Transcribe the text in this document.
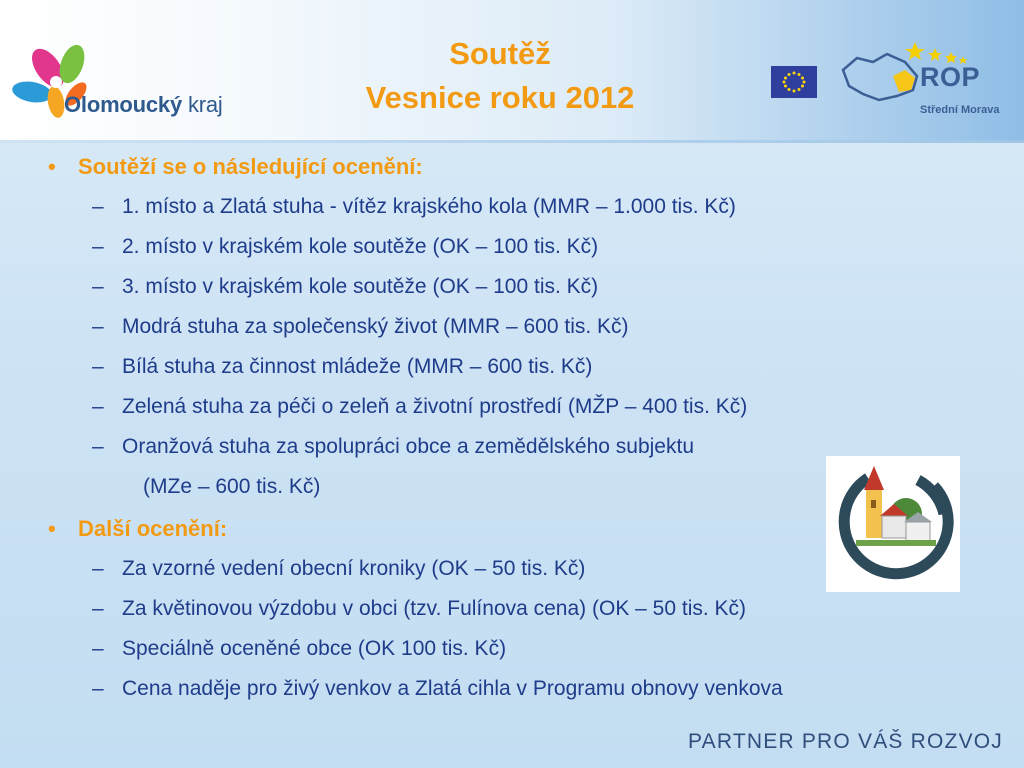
Olomoucký kraj
Soutěž
Vesnice roku 2012
ROP
Střední Morava
• Soutěží se o následující ocenění:
– 1. místo a Zlatá stuha - vítěz krajského kola (MMR – 1.000 tis. Kč)
– 2. místo v krajském kole soutěže (OK – 100 tis. Kč)
– 3. místo v krajském kole soutěže (OK – 100 tis. Kč)
– Modrá stuha za společenský život (MMR – 600 tis. Kč)
– Bílá stuha za činnost mládeže (MMR – 600 tis. Kč)
– Zelená stuha za péči o zeleň a životní prostředí (MŽP – 400 tis. Kč)
– Oranžová stuha za spolupráci obce a zemědělského subjektu
(MZe – 600 tis. Kč)
• Další ocenění:
– Za vzorné vedení obecní kroniky (OK – 50 tis. Kč)
– Za květinovou výzdobu v obci (tzv. Fulínova cena) (OK – 50 tis. Kč)
– Speciálně oceněné obce (OK 100 tis. Kč)
– Cena naděje pro živý venkov a Zlatá cihla v Programu obnovy venkova
PARTNER PRO VÁŠ ROZVOJ
